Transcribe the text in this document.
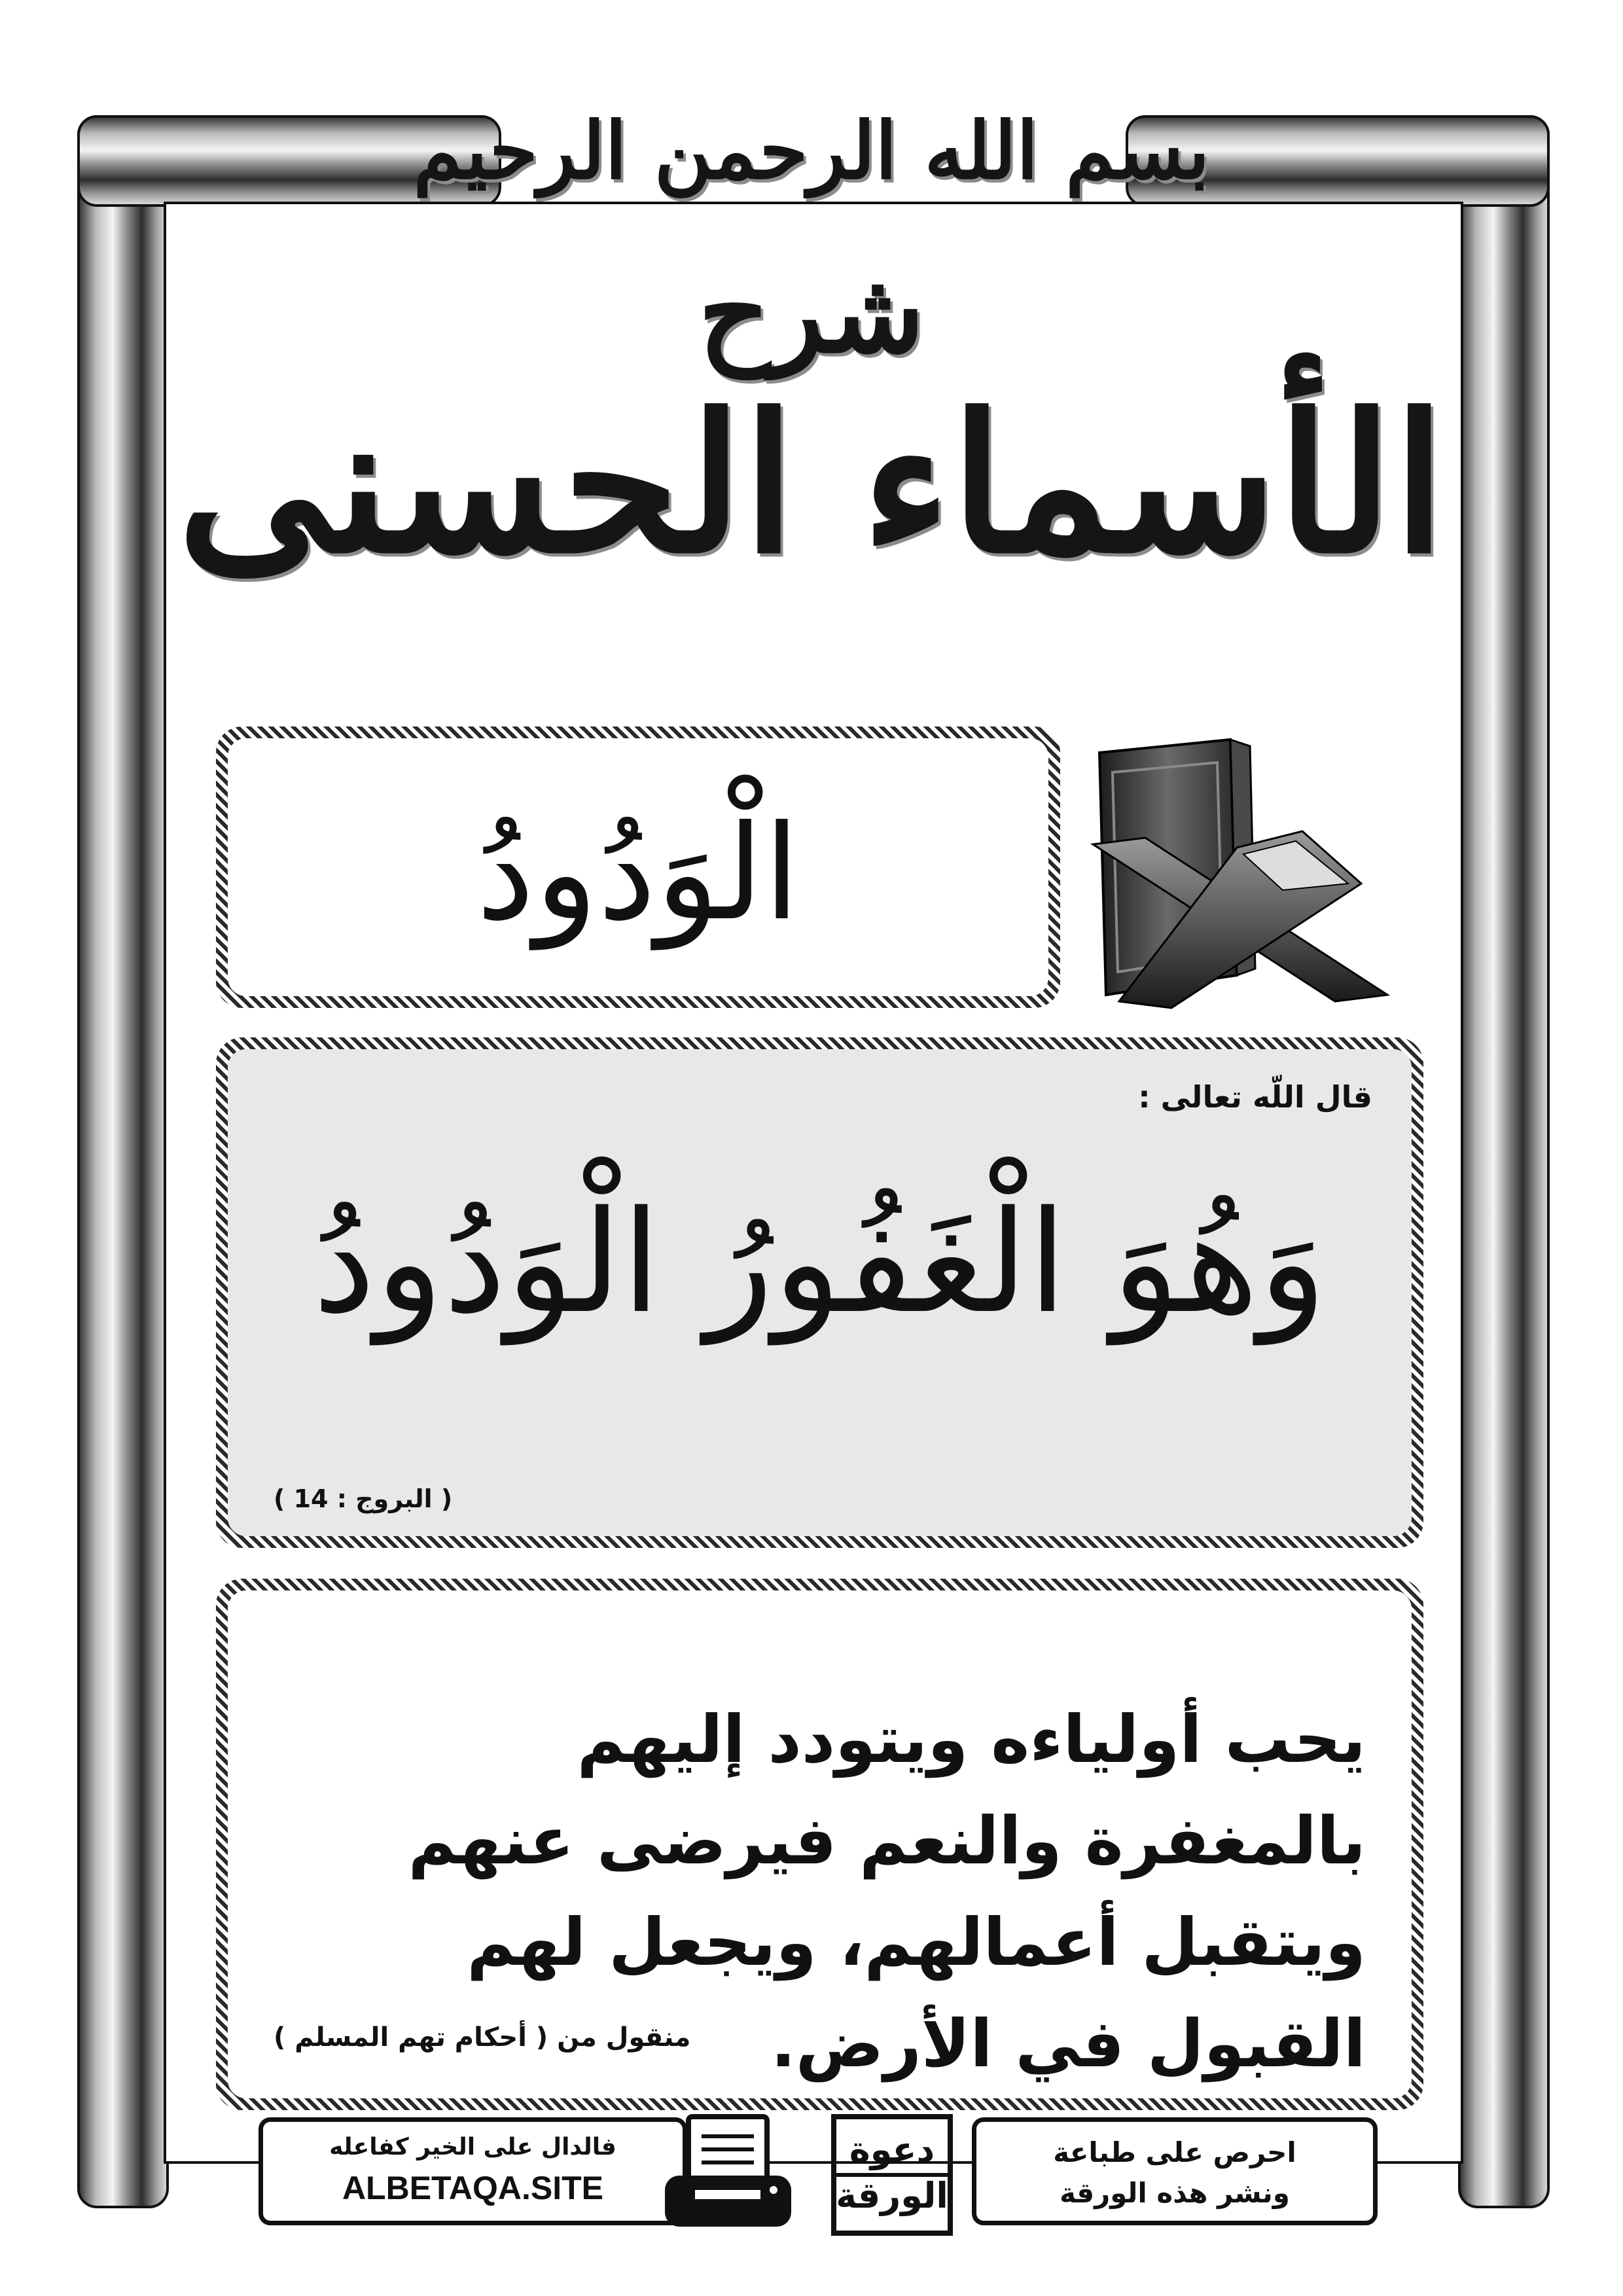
بسم الله الرحمن الرحيم
شرح
الأسماء الحسنى
الْوَدُودُ
قال اللّه تعالى :
وَهُوَ الْغَفُورُ الْوَدُودُ
( البروج : 14 )
يحب أولياءه ويتودد إليهم بالمغفرة والنعم فيرضى عنهم ويتقبل أعمالهم، ويجعل لهم القبول في الأرض.
منقول من ( أحكام تهم المسلم )
فالدال على الخير كفاعله
ALBETAQA.SITE
دعوة
الورقة
احرص على طباعة
ونشر هذه الورقة
